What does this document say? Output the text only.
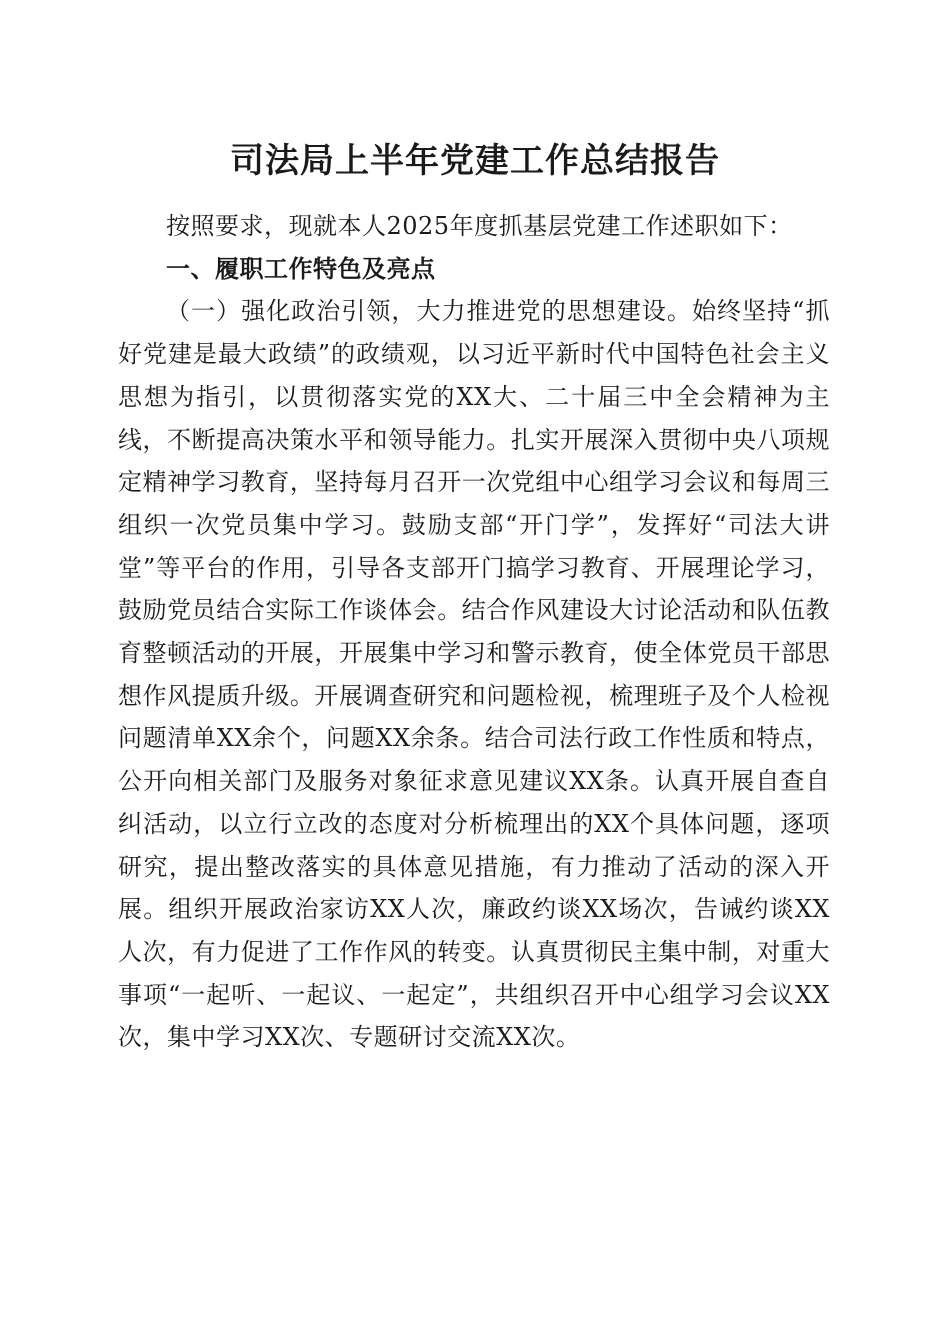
司法局上半年党建工作总结报告

按照要求，现就本人2025年度抓基层党建工作述职如下：

一、履职工作特色及亮点

（一）强化政治引领，大力推进党的思想建设。始终坚持“抓好党建是最大政绩”的政绩观，以习近平新时代中国特色社会主义思想为指引，以贯彻落实党的XX大、二十届三中全会精神为主线，不断提高决策水平和领导能力。扎实开展深入贯彻中央八项规定精神学习教育，坚持每月召开一次党组中心组学习会议和每周三组织一次党员集中学习。鼓励支部“开门学”，发挥好“司法大讲堂”等平台的作用，引导各支部开门搞学习教育、开展理论学习，鼓励党员结合实际工作谈体会。结合作风建设大讨论活动和队伍教育整顿活动的开展，开展集中学习和警示教育，使全体党员干部思想作风提质升级。开展调查研究和问题检视，梳理班子及个人检视问题清单XX余个，问题XX余条。结合司法行政工作性质和特点，公开向相关部门及服务对象征求意见建议XX条。认真开展自查自纠活动，以立行立改的态度对分析梳理出的XX个具体问题，逐项研究，提出整改落实的具体意见措施，有力推动了活动的深入开展。组织开展政治家访XX人次，廉政约谈XX场次，告诫约谈XX人次，有力促进了工作作风的转变。认真贯彻民主集中制，对重大事项“一起听、一起议、一起定”，共组织召开中心组学习会议XX次，集中学习XX次、专题研讨交流XX次。
